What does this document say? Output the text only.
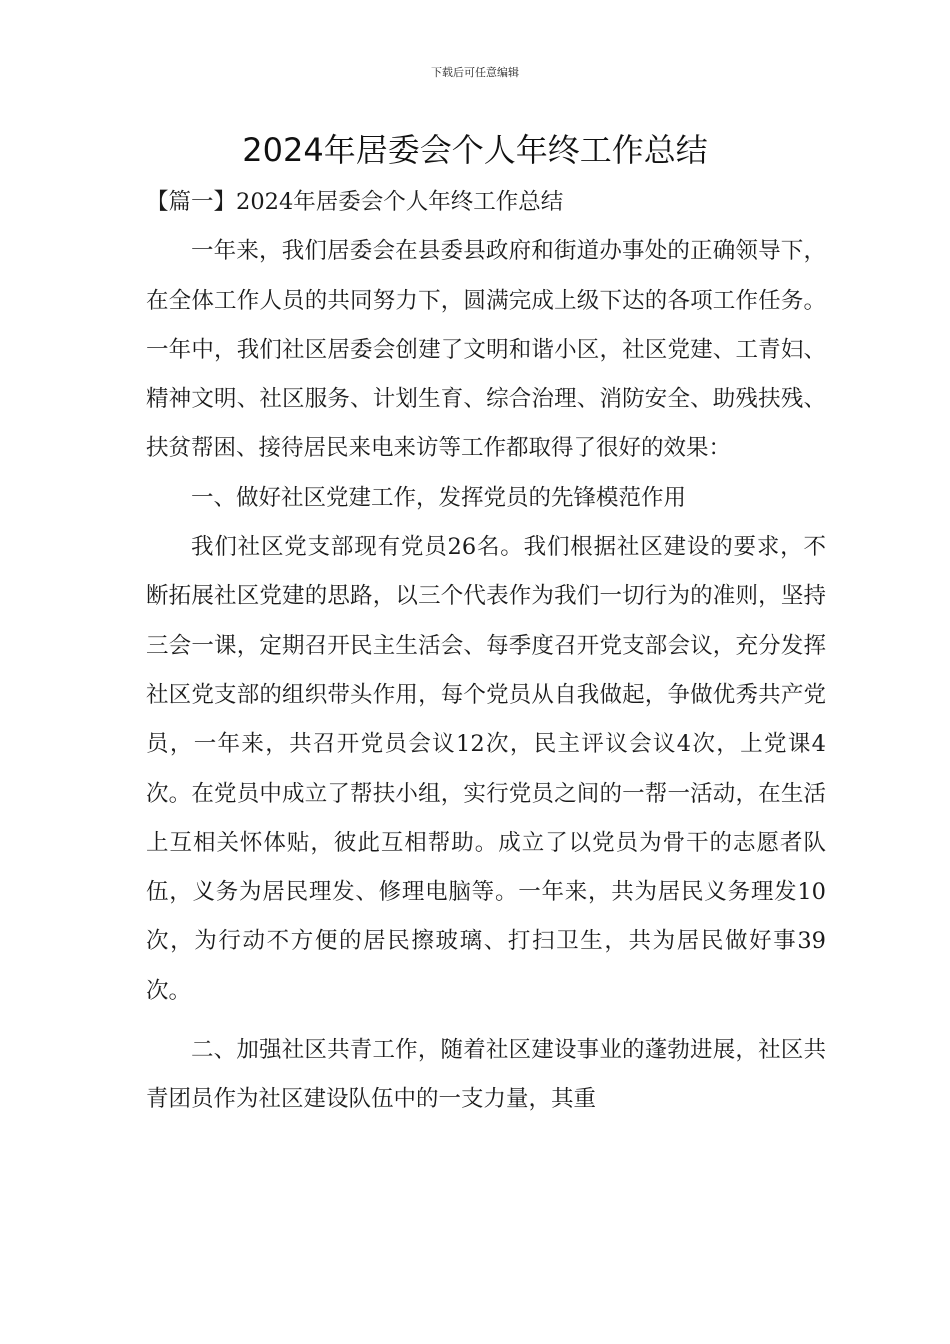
下载后可任意编辑
2024年居委会个人年终工作总结

【篇一】2024年居委会个人年终工作总结

一年来，我们居委会在县委县政府和街道办事处的正确领导下，在全体工作人员的共同努力下，圆满完成上级下达的各项工作任务。一年中，我们社区居委会创建了文明和谐小区，社区党建、工青妇、精神文明、社区服务、计划生育、综合治理、消防安全、助残扶残、扶贫帮困、接待居民来电来访等工作都取得了很好的效果：

一、做好社区党建工作，发挥党员的先锋模范作用

我们社区党支部现有党员26名。我们根据社区建设的要求，不断拓展社区党建的思路，以三个代表作为我们一切行为的准则，坚持三会一课，定期召开民主生活会、每季度召开党支部会议，充分发挥社区党支部的组织带头作用，每个党员从自我做起，争做优秀共产党员，一年来，共召开党员会议12次，民主评议会议4次，上党课4次。在党员中成立了帮扶小组，实行党员之间的一帮一活动，在生活上互相关怀体贴，彼此互相帮助。成立了以党员为骨干的志愿者队伍，义务为居民理发、修理电脑等。一年来，共为居民义务理发10次，为行动不方便的居民擦玻璃、打扫卫生，共为居民做好事39次。

二、加强社区共青工作，随着社区建设事业的蓬勃进展，社区共青团员作为社区建设队伍中的一支力量，其重
